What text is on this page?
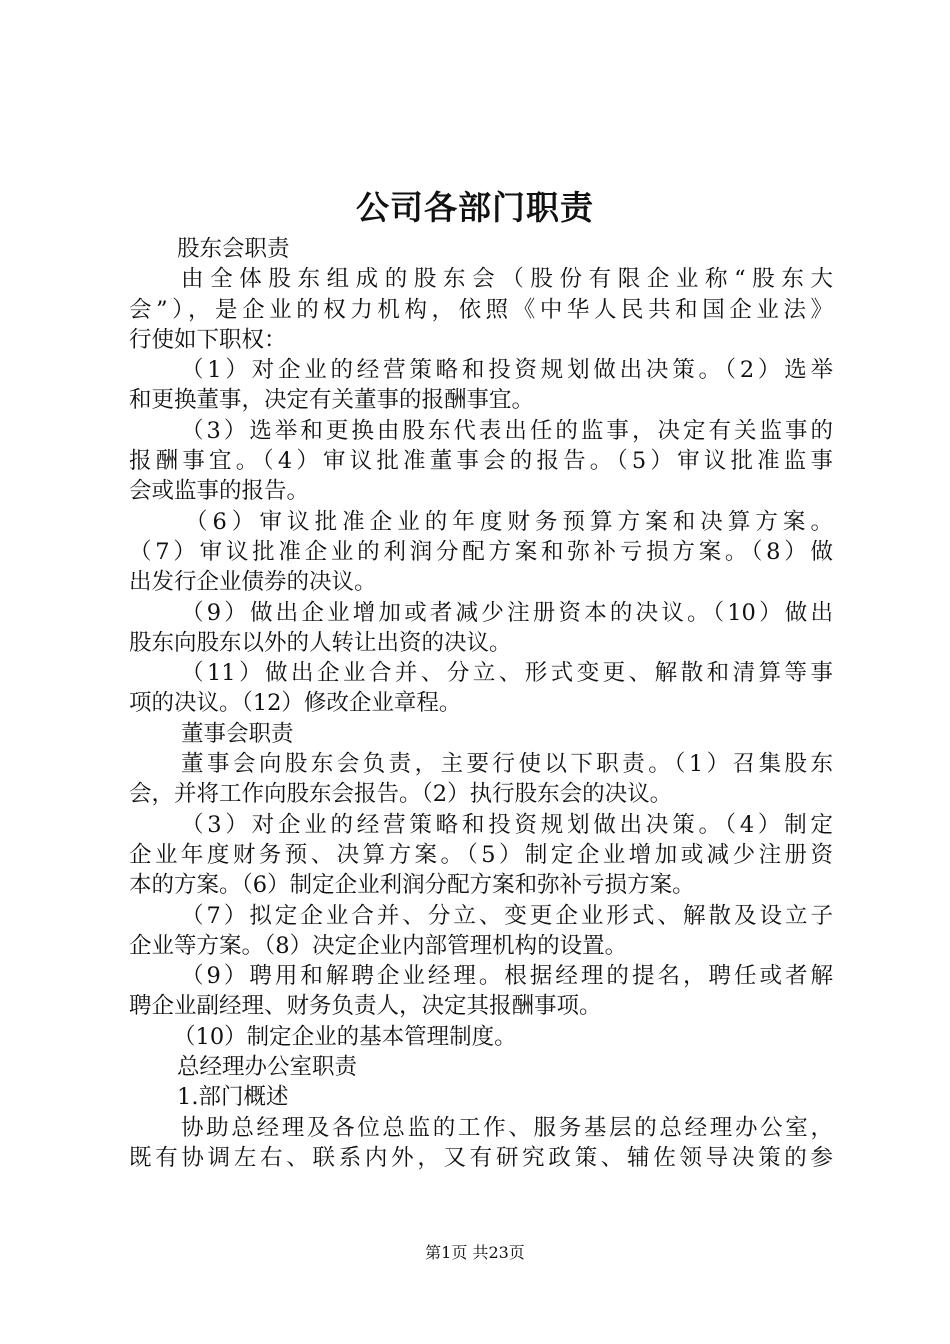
公司各部门职责
股东会职责
由全体股东组成的股东会（股份有限企业称“股东大
会”），是企业的权力机构，依照《中华人民共和国企业法》
行使如下职权：
（1）对企业的经营策略和投资规划做出决策。（2）选举
和更换董事，决定有关董事的报酬事宜。
（3）选举和更换由股东代表出任的监事，决定有关监事的
报酬事宜。（4）审议批准董事会的报告。（5）审议批准监事
会或监事的报告。
（6）审议批准企业的年度财务预算方案和决算方案。
（7）审议批准企业的利润分配方案和弥补亏损方案。（8）做
出发行企业债券的决议。
（9）做出企业增加或者减少注册资本的决议。（10）做出
股东向股东以外的人转让出资的决议。
（11）做出企业合并、分立、形式变更、解散和清算等事
项的决议。（12）修改企业章程。
董事会职责
董事会向股东会负责，主要行使以下职责。（1）召集股东
会，并将工作向股东会报告。（2）执行股东会的决议。
（3）对企业的经营策略和投资规划做出决策。（4）制定
企业年度财务预、决算方案。（5）制定企业增加或减少注册资
本的方案。（6）制定企业利润分配方案和弥补亏损方案。
（7）拟定企业合并、分立、变更企业形式、解散及设立子
企业等方案。（8）决定企业内部管理机构的设置。
（9）聘用和解聘企业经理。根据经理的提名，聘任或者解
聘企业副经理、财务负责人，决定其报酬事项。
（10）制定企业的基本管理制度。
总经理办公室职责
1.部门概述
协助总经理及各位总监的工作、服务基层的总经理办公室，
既有协调左右、联系内外，又有研究政策、辅佐领导决策的参
第1页 共23页
